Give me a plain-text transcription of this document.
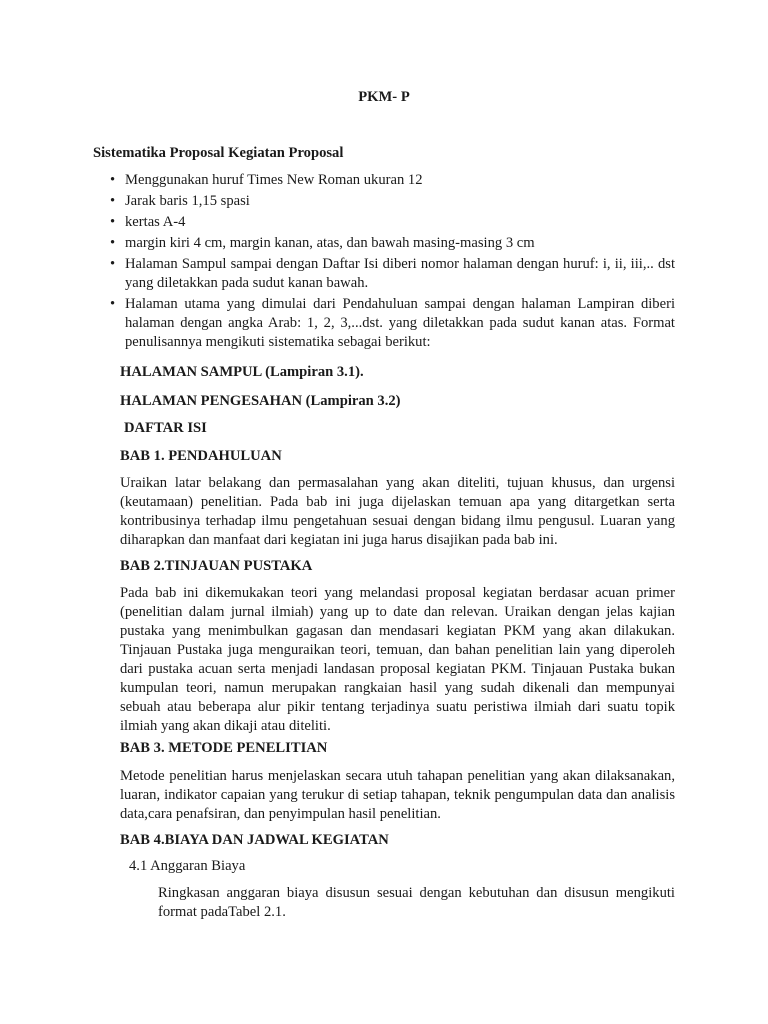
PKM- P
Sistematika Proposal Kegiatan Proposal
• Menggunakan huruf Times New Roman ukuran 12
• Jarak baris 1,15 spasi
• kertas A-4
• margin kiri 4 cm, margin kanan, atas, dan bawah masing-masing 3 cm
• Halaman Sampul sampai dengan Daftar Isi diberi nomor halaman dengan huruf: i, ii, iii,.. dst yang diletakkan pada sudut kanan bawah.
• Halaman utama yang dimulai dari Pendahuluan sampai dengan halaman Lampiran diberi halaman dengan angka Arab: 1, 2, 3,...dst. yang diletakkan pada sudut kanan atas. Format penulisannya mengikuti sistematika sebagai berikut:
HALAMAN SAMPUL (Lampiran 3.1).
HALAMAN PENGESAHAN (Lampiran 3.2)
DAFTAR ISI
BAB 1. PENDAHULUAN
Uraikan latar belakang dan permasalahan yang akan diteliti, tujuan khusus, dan urgensi (keutamaan) penelitian. Pada bab ini juga dijelaskan temuan apa yang ditargetkan serta kontribusinya terhadap ilmu pengetahuan sesuai dengan bidang ilmu pengusul. Luaran yang diharapkan dan manfaat dari kegiatan ini juga harus disajikan pada bab ini.
BAB 2.TINJAUAN PUSTAKA
Pada bab ini dikemukakan teori yang melandasi proposal kegiatan berdasar acuan primer (penelitian dalam jurnal ilmiah) yang up to date dan relevan. Uraikan dengan jelas kajian pustaka yang menimbulkan gagasan dan mendasari kegiatan PKM yang akan dilakukan. Tinjauan Pustaka juga menguraikan teori, temuan, dan bahan penelitian lain yang diperoleh dari pustaka acuan serta menjadi landasan proposal kegiatan PKM. Tinjauan Pustaka bukan kumpulan teori, namun merupakan rangkaian hasil yang sudah dikenali dan mempunyai sebuah atau beberapa alur pikir tentang terjadinya suatu peristiwa ilmiah dari suatu topik ilmiah yang akan dikaji atau diteliti.
BAB 3. METODE PENELITIAN
Metode penelitian harus menjelaskan secara utuh tahapan penelitian yang akan dilaksanakan, luaran, indikator capaian yang terukur di setiap tahapan, teknik pengumpulan data dan analisis data,cara penafsiran, dan penyimpulan hasil penelitian.
BAB 4.BIAYA DAN JADWAL KEGIATAN
4.1 Anggaran Biaya
Ringkasan anggaran biaya disusun sesuai dengan kebutuhan dan disusun mengikuti format padaTabel 2.1.
